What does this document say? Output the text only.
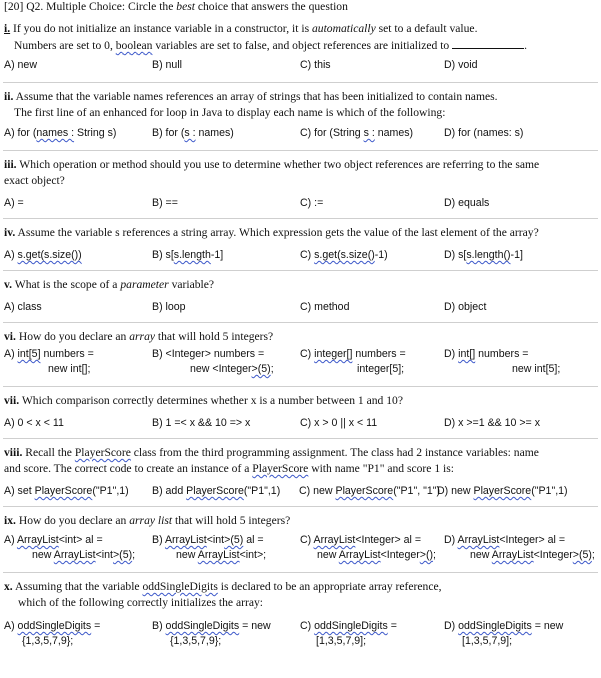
[20] Q2. Multiple Choice: Circle the best choice that answers the question
i. If you do not initialize an instance variable in a constructor, it is automatically set to a default value.
Numbers are set to 0, boolean variables are set to false, and object references are initialized to	.
A) new	B) null	C) this	D) void
ii. Assume that the variable names references an array of strings that has been initialized to contain names.
The first line of an enhanced for loop in Java to display each name is which of the following:
A) for (names : String s)	B) for (s : names)	C) for (String s : names)	D) for (names: s)
iii. Which operation or method should you use to determine whether two object references are referring to the same
exact object?
A) =	B) ==	C) :=	D) equals
iv. Assume the variable s references a string array. Which expression gets the value of the last element of the array?
A) s.get(s.size())	B) s[s.length-1]	C) s.get(s.size()-1)	D) s[s.length()-1]
v. What is the scope of a parameter variable?
A) class	B) loop	C) method	D) object
vi. How do you declare an array that will hold 5 integers?
A) int[5] numbers =
new int[];
B) <Integer> numbers =
new <Integer>(5);
C) integer[] numbers =
integer[5];
D) int[] numbers =
new int[5];
vii. Which comparison correctly determines whether x is a number between 1 and 10?
A) 0 < x < 11	B) 1 =< x && 10 => x	C) x > 0 || x < 11	D) x >=1 && 10 >= x
viii. Recall the PlayerScore class from the third programming assignment. The class had 2 instance variables: name
and score. The correct code to create an instance of a PlayerScore with name "P1" and score 1 is:
A) set PlayerScore("P1",1) B) add PlayerScore("P1",1) C) new PlayerScore("P1", "1")
D) new PlayerScore("P1",1)
ix. How do you declare an array list that will hold 5 integers?
A) ArrayList<int> al =
new ArrayList<int>(5);
B) ArrayList<int>(5) al =
new ArrayList<int>;
C) ArrayList<Integer> al =
new ArrayList<Integer>();
D) ArrayList<Integer> al =
new ArrayList<Integer>(5);
x. Assuming that the variable oddSingleDigits is declared to be an appropriate array reference,
which of the following correctly initializes the array:
A) oddSingleDigits =
{1,3,5,7,9};
B) oddSingleDigits = new
{1,3,5,7,9};
C) oddSingleDigits =
[1,3,5,7,9];
D) oddSingleDigits = new
[1,3,5,7,9];
